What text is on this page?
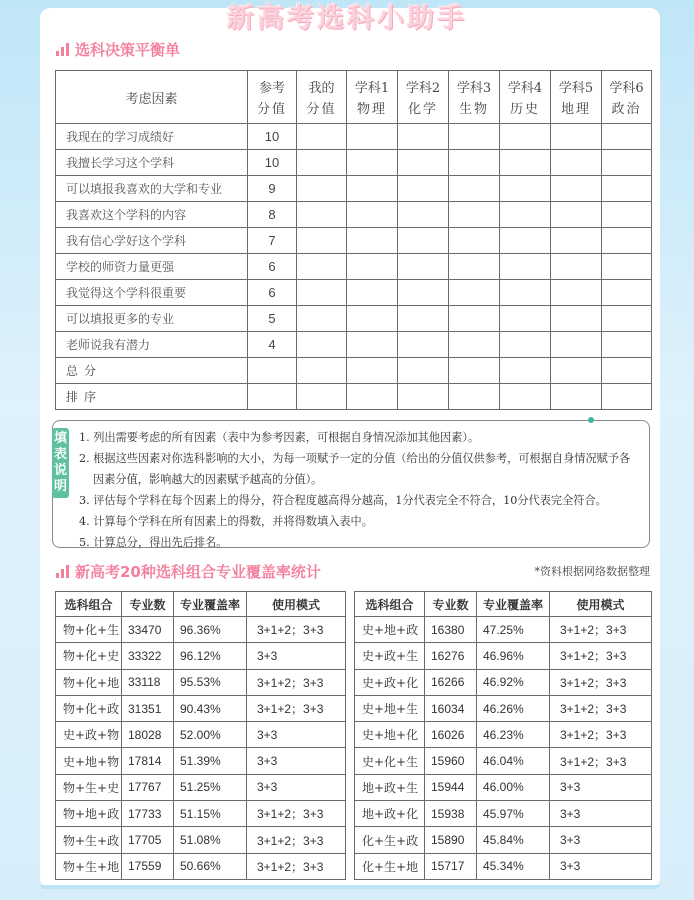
新高考选科小助手
选科决策平衡单
考虑因素	参考	我的	学科1	学科2	学科3	学科4	学科5	学科6
	分值	分值	物理	化学	生物	历史	地理	政治
我现在的学习成绩好	10							
我擅长学习这个学科	10							
可以填报我喜欢的大学和专业	9							
我喜欢这个学科的内容	8							
我有信心学好这个学科	7							
学校的师资力量更强	6							
我觉得这个学科很重要	6							
可以填报更多的专业	5							
老师说我有潜力	4							
总分								
排序								
填
表
说
明
1. 列出需要考虑的所有因素（表中为参考因素，可根据自身情况添加其他因素）。
2. 根据这些因素对你选科影响的大小，为每一项赋予一定的分值（给出的分值仅供参考，可根据自身情况赋予各因素分值，影响越大的因素赋予越高的分值）。
3. 评估每个学科在每个因素上的得分，符合程度越高得分越高，1分代表完全不符合，10分代表完全符合。
4. 计算每个学科在所有因素上的得数，并将得数填入表中。
5. 计算总分，得出先后排名。
新高考20种选科组合专业覆盖率统计	*资料根据网络数据整理
选科组合	专业数	专业覆盖率	使用模式
物+化+生	33470	96.36%	3+1+2；3+3
物+化+史	33322	96.12%	3+3
物+化+地	33118	95.53%	3+1+2；3+3
物+化+政	31351	90.43%	3+1+2；3+3
史+政+物	18028	52.00%	3+3
史+地+物	17814	51.39%	3+3
物+生+史	17767	51.25%	3+3
物+地+政	17733	51.15%	3+1+2；3+3
物+生+政	17705	51.08%	3+1+2；3+3
物+生+地	17559	50.66%	3+1+2；3+3
选科组合	专业数	专业覆盖率	使用模式
史+地+政	16380	47.25%	3+1+2；3+3
史+政+生	16276	46.96%	3+1+2；3+3
史+政+化	16266	46.92%	3+1+2；3+3
史+地+生	16034	46.26%	3+1+2；3+3
史+地+化	16026	46.23%	3+1+2；3+3
史+化+生	15960	46.04%	3+1+2；3+3
地+政+生	15944	46.00%	3+3
地+政+化	15938	45.97%	3+3
化+生+政	15890	45.84%	3+3
化+生+地	15717	45.34%	3+3
